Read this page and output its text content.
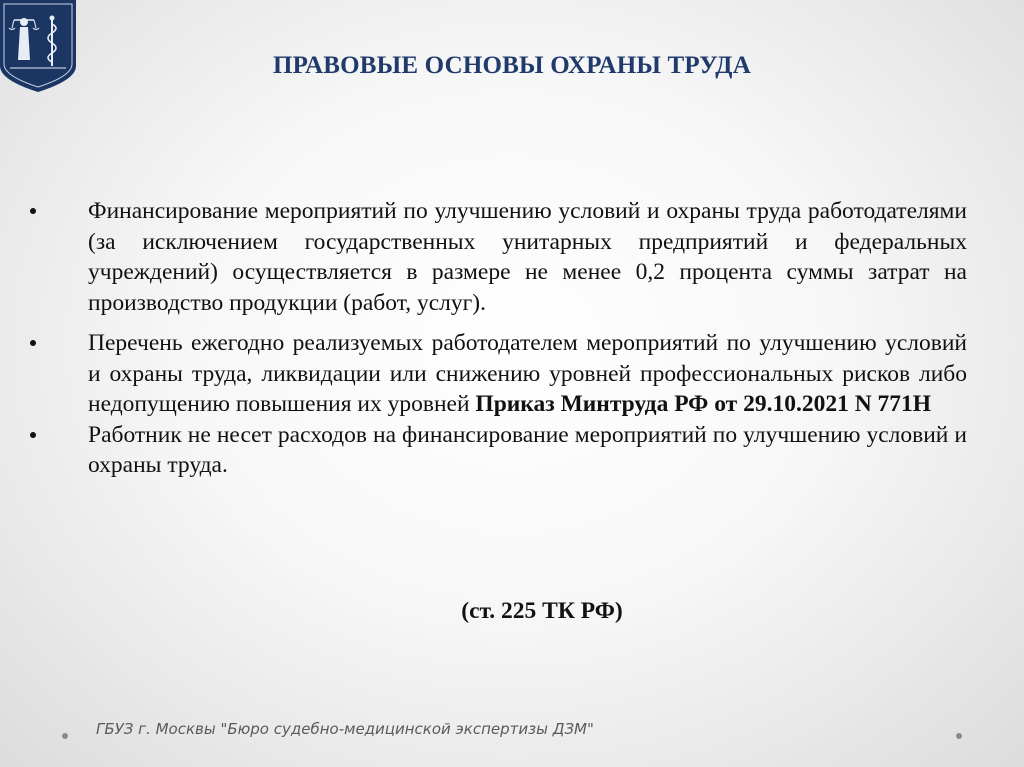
ПРАВОВЫЕ ОСНОВЫ ОХРАНЫ ТРУДА
Финансирование мероприятий по улучшению условий и охраны труда работодателями (за исключением государственных унитарных предприятий и федеральных учреждений) осуществляется в размере не менее 0,2 процента суммы затрат на производство продукции (работ, услуг).
Перечень ежегодно реализуемых работодателем мероприятий по улучшению условий и охраны труда, ликвидации или снижению уровней профессиональных рисков либо недопущению повышения их уровней Приказ Минтруда РФ от 29.10.2021 N 771Н
Работник не несет расходов на финансирование мероприятий по улучшению условий и охраны труда.
(ст. 225 ТК РФ)
ГБУЗ г. Москвы "Бюро судебно-медицинской экспертизы ДЗМ"
